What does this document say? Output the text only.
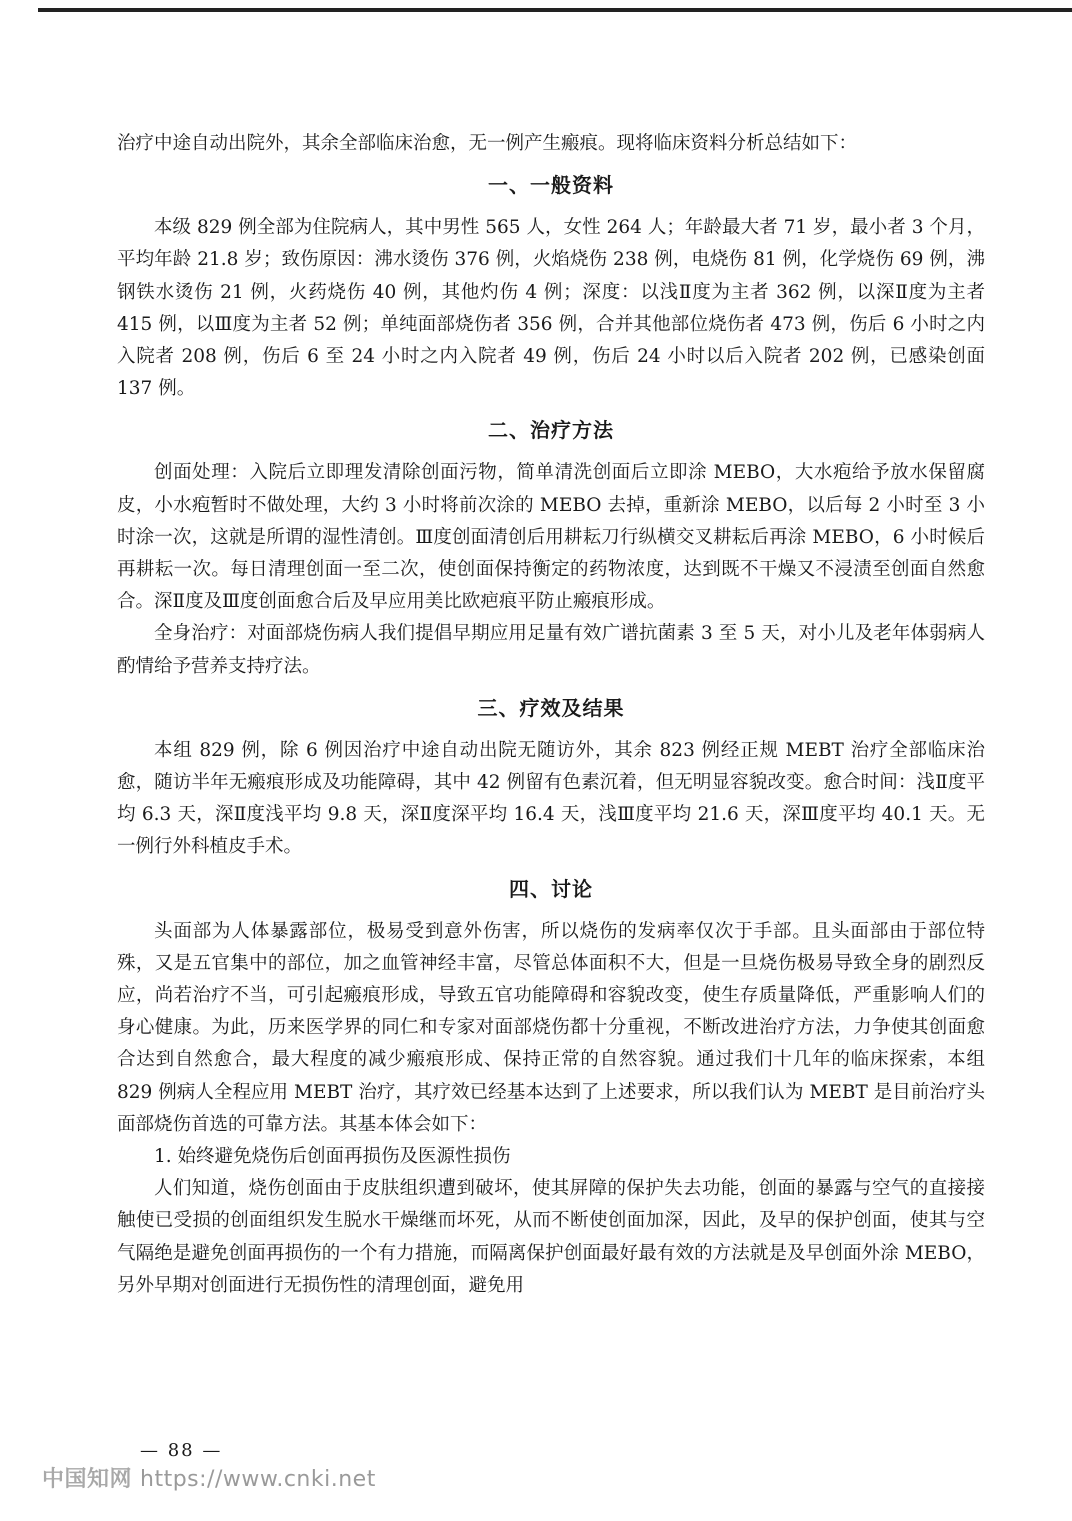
治疗中途自动出院外，其余全部临床治愈，无一例产生瘢痕。现将临床资料分析总结如下：

一、一般资料

本级 829 例全部为住院病人，其中男性 565 人，女性 264 人；年龄最大者 71 岁，最小者 3 个月，平均年龄 21.8 岁；致伤原因：沸水烫伤 376 例，火焰烧伤 238 例，电烧伤 81 例，化学烧伤 69 例，沸钢铁水烫伤 21 例，火药烧伤 40 例，其他灼伤 4 例；深度：以浅Ⅱ度为主者 362 例，以深Ⅱ度为主者 415 例，以Ⅲ度为主者 52 例；单纯面部烧伤者 356 例，合并其他部位烧伤者 473 例，伤后 6 小时之内入院者 208 例，伤后 6 至 24 小时之内入院者 49 例，伤后 24 小时以后入院者 202 例，已感染创面 137 例。

二、治疗方法

创面处理：入院后立即理发清除创面污物，简单清洗创面后立即涂 MEBO，大水疱给予放水保留腐皮，小水疱暂时不做处理，大约 3 小时将前次涂的 MEBO 去掉，重新涂 MEBO，以后每 2 小时至 3 小时涂一次，这就是所谓的湿性清创。Ⅲ度创面清创后用耕耘刀行纵横交叉耕耘后再涂 MEBO，6 小时候后再耕耘一次。每日清理创面一至二次，使创面保持衡定的药物浓度，达到既不干燥又不浸渍至创面自然愈合。深Ⅱ度及Ⅲ度创面愈合后及早应用美比欧疤痕平防止瘢痕形成。

全身治疗：对面部烧伤病人我们提倡早期应用足量有效广谱抗菌素 3 至 5 天，对小儿及老年体弱病人酌情给予营养支持疗法。

三、疗效及结果

本组 829 例，除 6 例因治疗中途自动出院无随访外，其余 823 例经正规 MEBT 治疗全部临床治愈，随访半年无瘢痕形成及功能障碍，其中 42 例留有色素沉着，但无明显容貌改变。愈合时间：浅Ⅱ度平均 6.3 天，深Ⅱ度浅平均 9.8 天，深Ⅱ度深平均 16.4 天，浅Ⅲ度平均 21.6 天，深Ⅲ度平均 40.1 天。无一例行外科植皮手术。

四、讨论

头面部为人体暴露部位，极易受到意外伤害，所以烧伤的发病率仅次于手部。且头面部由于部位特殊，又是五官集中的部位，加之血管神经丰富，尽管总体面积不大，但是一旦烧伤极易导致全身的剧烈反应，尚若治疗不当，可引起瘢痕形成，导致五官功能障碍和容貌改变，使生存质量降低，严重影响人们的身心健康。为此，历来医学界的同仁和专家对面部烧伤都十分重视，不断改进治疗方法，力争使其创面愈合达到自然愈合，最大程度的减少瘢痕形成、保持正常的自然容貌。通过我们十几年的临床探索，本组 829 例病人全程应用 MEBT 治疗，其疗效已经基本达到了上述要求，所以我们认为 MEBT 是目前治疗头面部烧伤首选的可靠方法。其基本体会如下：

1. 始终避免烧伤后创面再损伤及医源性损伤

人们知道，烧伤创面由于皮肤组织遭到破坏，使其屏障的保护失去功能，创面的暴露与空气的直接接触使已受损的创面组织发生脱水干燥继而坏死，从而不断使创面加深，因此，及早的保护创面，使其与空气隔绝是避免创面再损伤的一个有力措施，而隔离保护创面最好最有效的方法就是及早创面外涂 MEBO，另外早期对创面进行无损伤性的清理创面，避免用

— 88 —
中国知网 https://www.cnki.net
